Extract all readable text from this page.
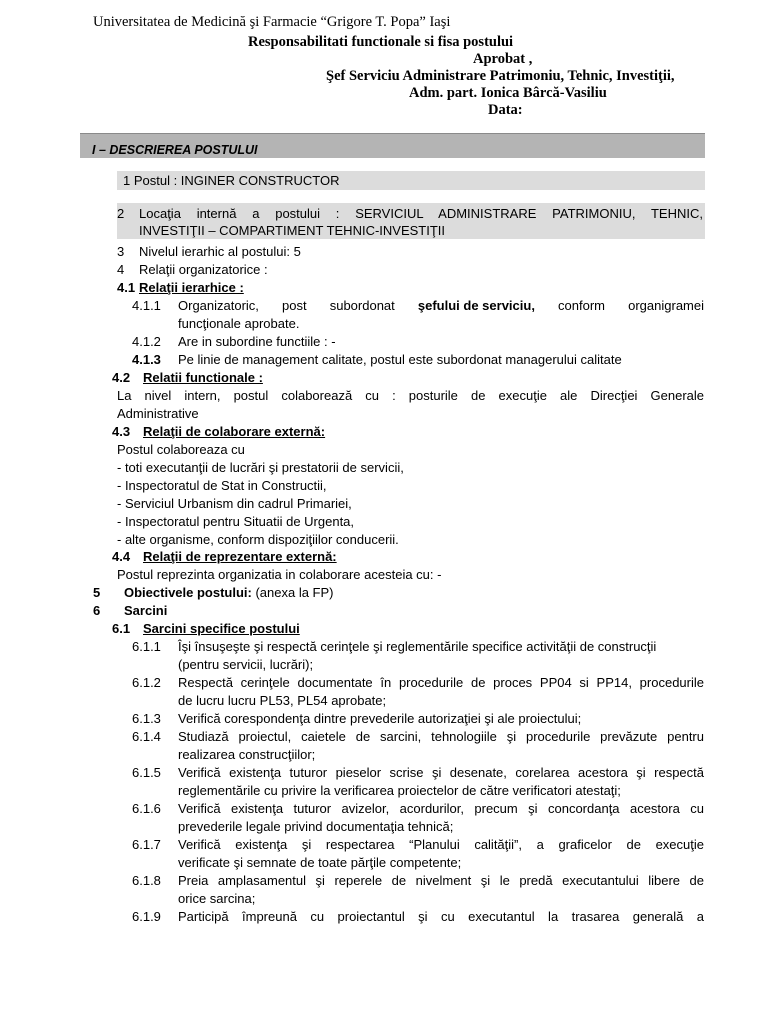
Universitatea de Medicină şi Farmacie “Grigore T. Popa” Iaşi
Responsabilitati functionale si fisa postului
Aprobat ,
Şef Serviciu Administrare Patrimoniu, Tehnic, Investiţii,
Adm. part. Ionica Bârcă-Vasiliu
Data:
I – DESCRIEREA POSTULUI
1 Postul : INGINER CONSTRUCTOR
2 Locaţia internă a postului : SERVICIUL ADMINISTRARE PATRIMONIU, TEHNIC,
INVESTIŢII – COMPARTIMENT TEHNIC-INVESTIŢII
3 Nivelul ierarhic al postului: 5
4 Relaţii organizatorice :
4.1 Relaţii ierarhice :
4.1.1 Organizatoric, post subordonat şefului de serviciu, conform organigramei
funcţionale aprobate.
4.1.2 Are in subordine functiile : -
4.1.3 Pe linie de management calitate, postul este subordonat managerului calitate
4.2 Relatii functionale :
La nivel intern, postul colaborează cu : posturile de execuţie ale Direcţiei Generale
Administrative
4.3 Relaţii de colaborare externă:
Postul colaboreaza cu
- toti executanţii de lucrări şi prestatorii de servicii,
- Inspectoratul de Stat in Constructii,
- Serviciul Urbanism din cadrul Primariei,
- Inspectoratul pentru Situatii de Urgenta,
- alte organisme, conform dispoziţiilor conducerii.
4.4 Relaţii de reprezentare externă:
Postul reprezinta organizatia in colaborare acesteia cu: -
5 Obiectivele postului: (anexa la FP)
6 Sarcini
6.1 Sarcini specifice postului
6.1.1 Îşi însuşeşte şi respectă cerinţele şi reglementările specifice activităţii de construcţii
(pentru servicii, lucrări);
6.1.2 Respectă cerinţele documentate în procedurile de proces PP04 si PP14, procedurile
de lucru lucru PL53, PL54 aprobate;
6.1.3 Verifică corespondenţa dintre prevederile autorizaţiei şi ale proiectului;
6.1.4 Studiază proiectul, caietele de sarcini, tehnologiile şi procedurile prevăzute pentru
realizarea construcţiilor;
6.1.5 Verifică existenţa tuturor pieselor scrise şi desenate, corelarea acestora şi respectă
reglementările cu privire la verificarea proiectelor de către verificatori atestaţi;
6.1.6 Verifică existenţa tuturor avizelor, acordurilor, precum şi concordanţa acestora cu
prevederile legale privind documentaţia tehnică;
6.1.7 Verifică existenţa şi respectarea “Planului calităţii”, a graficelor de execuţie
verificate şi semnate de toate părţile competente;
6.1.8 Preia amplasamentul şi reperele de nivelment şi le predă executantului libere de
orice sarcina;
6.1.9 Participă împreună cu proiectantul şi cu executantul la trasarea generală a
